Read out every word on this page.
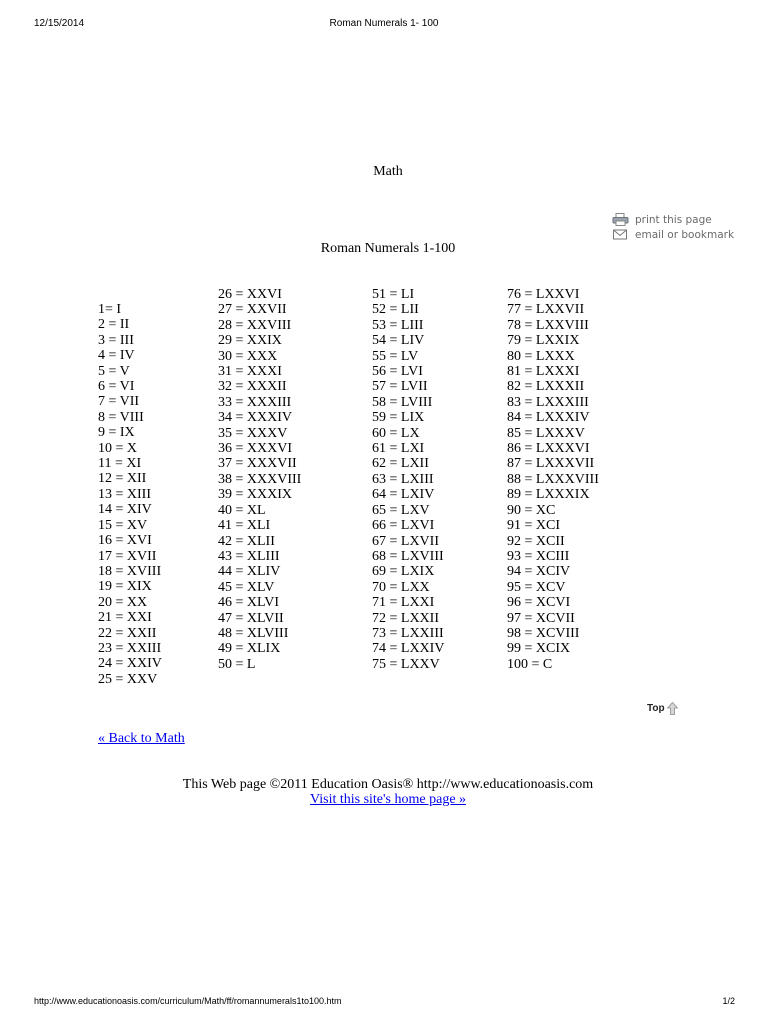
12/15/2014	Roman Numerals 1- 100
Math
print this page
email or bookmark
Roman Numerals 1-100
1= I
2 = II
3 = III
4 = IV
5 = V
6 = VI
7 = VII
8 = VIII
9 = IX
10 = X
11 = XI
12 = XII
13 = XIII
14 = XIV
15 = XV
16 = XVI
17 = XVII
18 = XVIII
19 = XIX
20 = XX
21 = XXI
22 = XXII
23 = XXIII
24 = XXIV
25 = XXV
26 = XXVI
27 = XXVII
28 = XXVIII
29 = XXIX
30 = XXX
31 = XXXI
32 = XXXII
33 = XXXIII
34 = XXXIV
35 = XXXV
36 = XXXVI
37 = XXXVII
38 = XXXVIII
39 = XXXIX
40 = XL
41 = XLI
42 = XLII
43 = XLIII
44 = XLIV
45 = XLV
46 = XLVI
47 = XLVII
48 = XLVIII
49 = XLIX
50 = L
51 = LI
52 = LII
53 = LIII
54 = LIV
55 = LV
56 = LVI
57 = LVII
58 = LVIII
59 = LIX
60 = LX
61 = LXI
62 = LXII
63 = LXIII
64 = LXIV
65 = LXV
66 = LXVI
67 = LXVII
68 = LXVIII
69 = LXIX
70 = LXX
71 = LXXI
72 = LXXII
73 = LXXIII
74 = LXXIV
75 = LXXV
76 = LXXVI
77 = LXXVII
78 = LXXVIII
79 = LXXIX
80 = LXXX
81 = LXXXI
82 = LXXXII
83 = LXXXIII
84 = LXXXIV
85 = LXXXV
86 = LXXXVI
87 = LXXXVII
88 = LXXXVIII
89 = LXXXIX
90 = XC
91 = XCI
92 = XCII
93 = XCIII
94 = XCIV
95 = XCV
96 = XCVI
97 = XCVII
98 = XCVIII
99 = XCIX
100 = C
Top
« Back to Math
This Web page ©2011 Education Oasis® http://www.educationoasis.com
Visit this site's home page »
http://www.educationoasis.com/curriculum/Math/ff/romannumerals1to100.htm	1/2
